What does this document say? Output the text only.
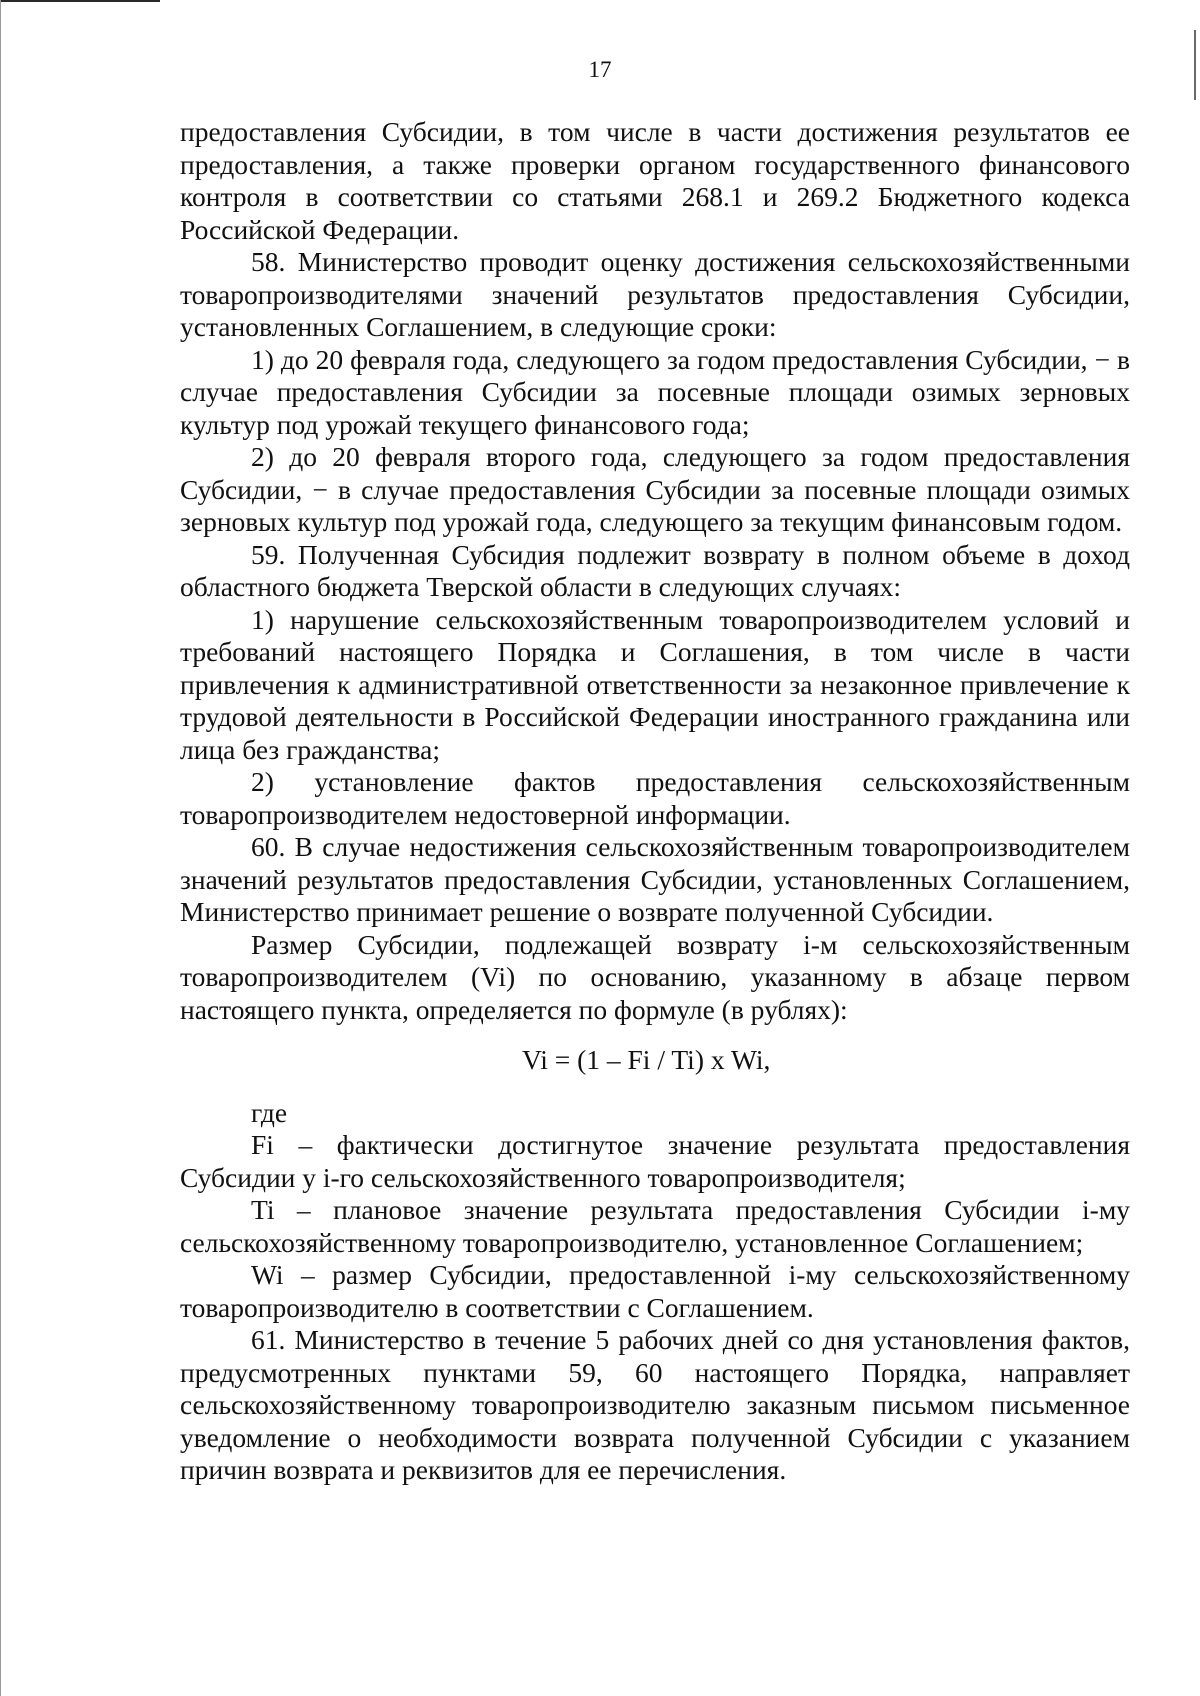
17

предоставления Субсидии, в том числе в части достижения результатов ее предоставления, а также проверки органом государственного финансового контроля в соответствии со статьями 268.1 и 269.2 Бюджетного кодекса Российской Федерации.

58. Министерство проводит оценку достижения сельскохозяйственными товаропроизводителями значений результатов предоставления Субсидии, установленных Соглашением, в следующие сроки:

1) до 20 февраля года, следующего за годом предоставления Субсидии, − в случае предоставления Субсидии за посевные площади озимых зерновых культур под урожай текущего финансового года;

2) до 20 февраля второго года, следующего за годом предоставления Субсидии, − в случае предоставления Субсидии за посевные площади озимых зерновых культур под урожай года, следующего за текущим финансовым годом.

59. Полученная Субсидия подлежит возврату в полном объеме в доход областного бюджета Тверской области в следующих случаях:

1) нарушение сельскохозяйственным товаропроизводителем условий и требований настоящего Порядка и Соглашения, в том числе в части привлечения к административной ответственности за незаконное привлечение к трудовой деятельности в Российской Федерации иностранного гражданина или лица без гражданства;

2) установление фактов предоставления сельскохозяйственным товаропроизводителем недостоверной информации.

60. В случае недостижения сельскохозяйственным товаропроизводителем значений результатов предоставления Субсидии, установленных Соглашением, Министерство принимает решение о возврате полученной Субсидии.

Размер Субсидии, подлежащей возврату i-м сельскохозяйственным товаропроизводителем (Vi) по основанию, указанному в абзаце первом настоящего пункта, определяется по формуле (в рублях):

Vi = (1 – Fi / Ti) x Wi,

где

Fi – фактически достигнутое значение результата предоставления Субсидии у i-го сельскохозяйственного товаропроизводителя;

Ti – плановое значение результата предоставления Субсидии i-му сельскохозяйственному товаропроизводителю, установленное Соглашением;

Wi – размер Субсидии, предоставленной i-му сельскохозяйственному товаропроизводителю в соответствии с Соглашением.

61. Министерство в течение 5 рабочих дней со дня установления фактов, предусмотренных пунктами 59, 60 настоящего Порядка, направляет сельскохозяйственному товаропроизводителю заказным письмом письменное уведомление о необходимости возврата полученной Субсидии с указанием причин возврата и реквизитов для ее перечисления.
